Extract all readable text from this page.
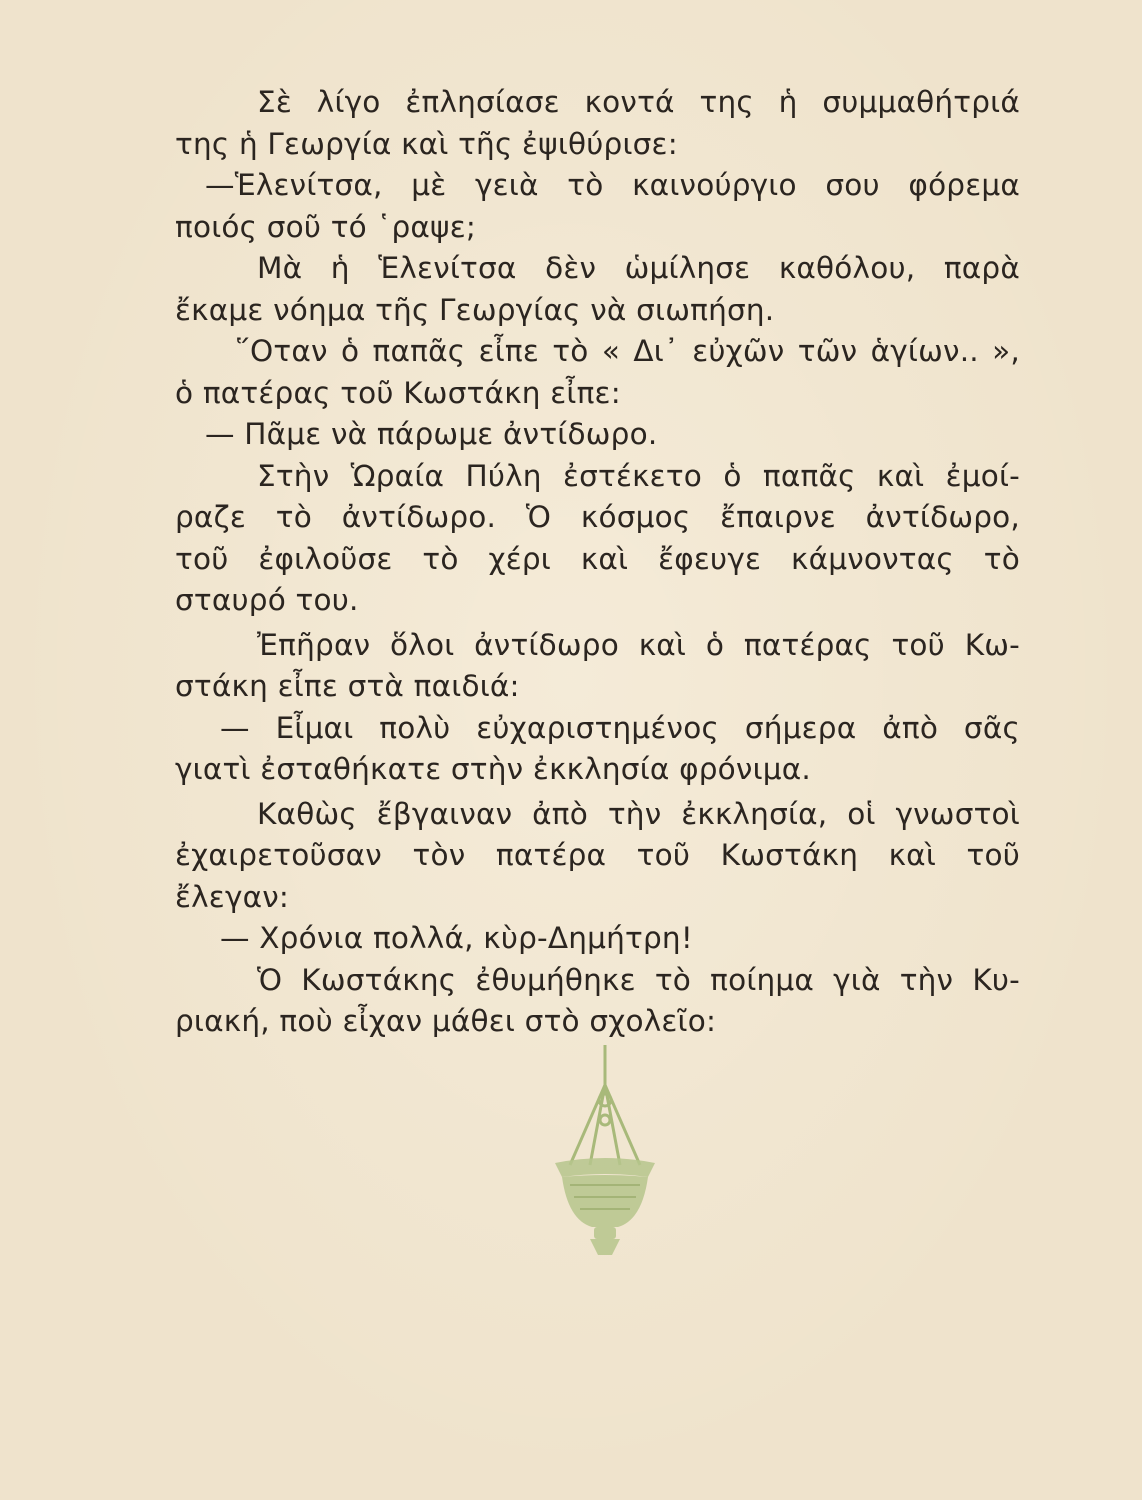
Σὲ λίγο ἐπλησίασε κοντά της ἡ συμμαθήτριά
της ἡ Γεωργία καὶ τῆς ἐψιθύρισε:
—Ἑλενίτσα, μὲ γειὰ τὸ καινούργιο σου φόρεμα
ποιός σοῦ τό ῾ραψε;
Μὰ ἡ Ἑλενίτσα δὲν ὡμίλησε καθόλου, παρὰ
ἔκαμε νόημα τῆς Γεωργίας νὰ σιωπήση.
῞Οταν ὁ παπᾶς εἶπε τὸ « Δι᾽ εὐχῶν τῶν ἁγίων.. »,
ὁ πατέρας τοῦ Κωστάκη εἶπε:
— Πᾶμε νὰ πάρωμε ἀντίδωρο.
Στὴν Ὡραία Πύλη ἐστέκετο ὁ παπᾶς καὶ ἐμοί-
ραζε τὸ ἀντίδωρο. Ὁ κόσμος ἔπαιρνε ἀντίδωρο,
τοῦ ἐφιλοῦσε τὸ χέρι καὶ ἔφευγε κάμνοντας τὸ
σταυρό του.
Ἐπῆραν ὅλοι ἀντίδωρο καὶ ὁ πατέρας τοῦ Κω-
στάκη εἶπε στὰ παιδιά:
— Εἶμαι πολὺ εὐχαριστημένος σήμερα ἀπὸ σᾶς
γιατὶ ἐσταθήκατε στὴν ἐκκλησία φρόνιμα.
Καθὼς ἔβγαιναν ἀπὸ τὴν ἐκκλησία, οἱ γνωστοὶ
ἐχαιρετοῦσαν τὸν πατέρα τοῦ Κωστάκη καὶ τοῦ
ἔλεγαν:
— Χρόνια πολλά, κὺρ-Δημήτρη!
Ὁ Κωστάκης ἐθυμήθηκε τὸ ποίημα γιὰ τὴν Κυ-
ριακή, ποὺ εἶχαν μάθει στὸ σχολεῖο:
